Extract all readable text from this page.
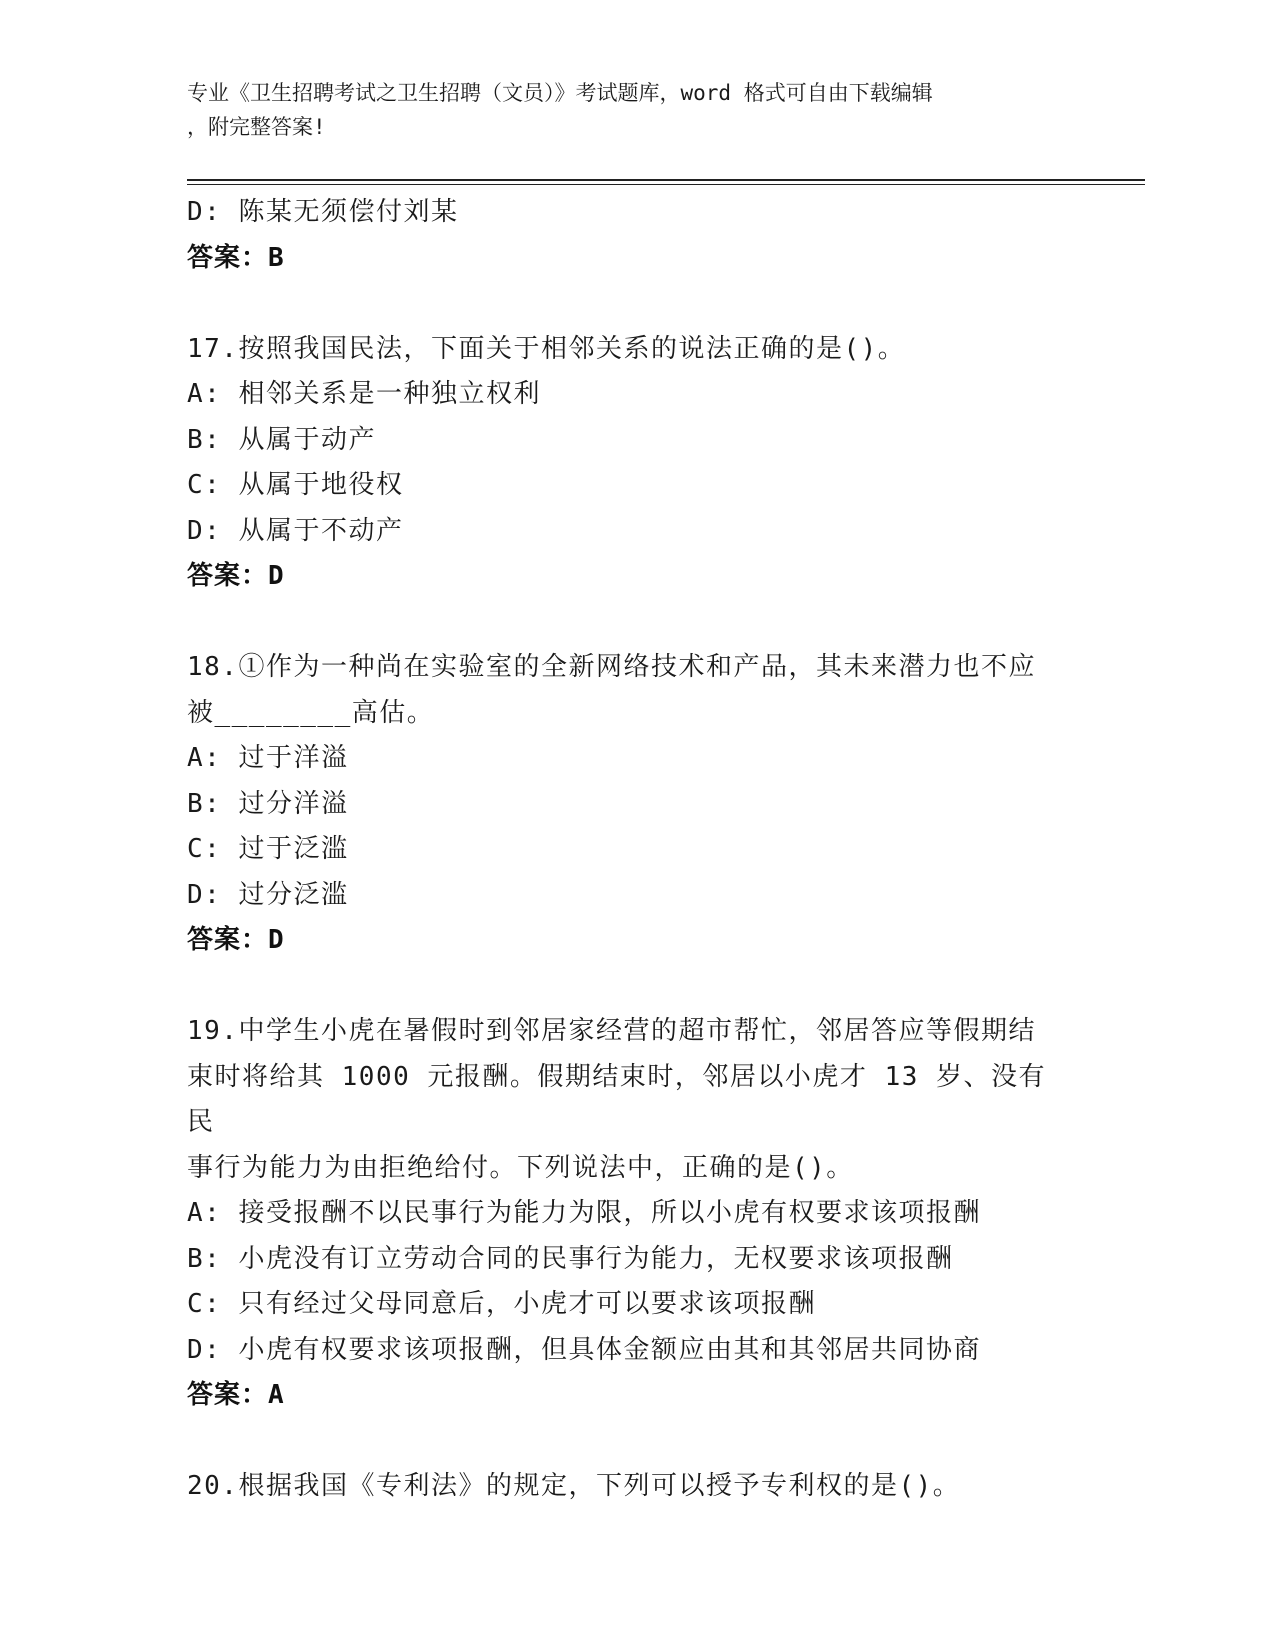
专业《卫生招聘考试之卫生招聘（文员）》考试题库，word 格式可自由下载编辑

，附完整答案!

D: 陈某无须偿付刘某

答案：B

17.按照我国民法，下面关于相邻关系的说法正确的是()。

A: 相邻关系是一种独立权利

B: 从属于动产

C: 从属于地役权

D: 从属于不动产

答案：D

18.①作为一种尚在实验室的全新网络技术和产品，其未来潜力也不应

被________高估。

A: 过于洋溢

B: 过分洋溢

C: 过于泛滥

D: 过分泛滥

答案：D

19.中学生小虎在暑假时到邻居家经营的超市帮忙，邻居答应等假期结

束时将给其 1000 元报酬。假期结束时，邻居以小虎才 13 岁、没有民

事行为能力为由拒绝给付。下列说法中，正确的是()。

A: 接受报酬不以民事行为能力为限，所以小虎有权要求该项报酬

B: 小虎没有订立劳动合同的民事行为能力，无权要求该项报酬

C: 只有经过父母同意后，小虎才可以要求该项报酬

D: 小虎有权要求该项报酬，但具体金额应由其和其邻居共同协商

答案：A

20.根据我国《专利法》的规定，下列可以授予专利权的是()。
